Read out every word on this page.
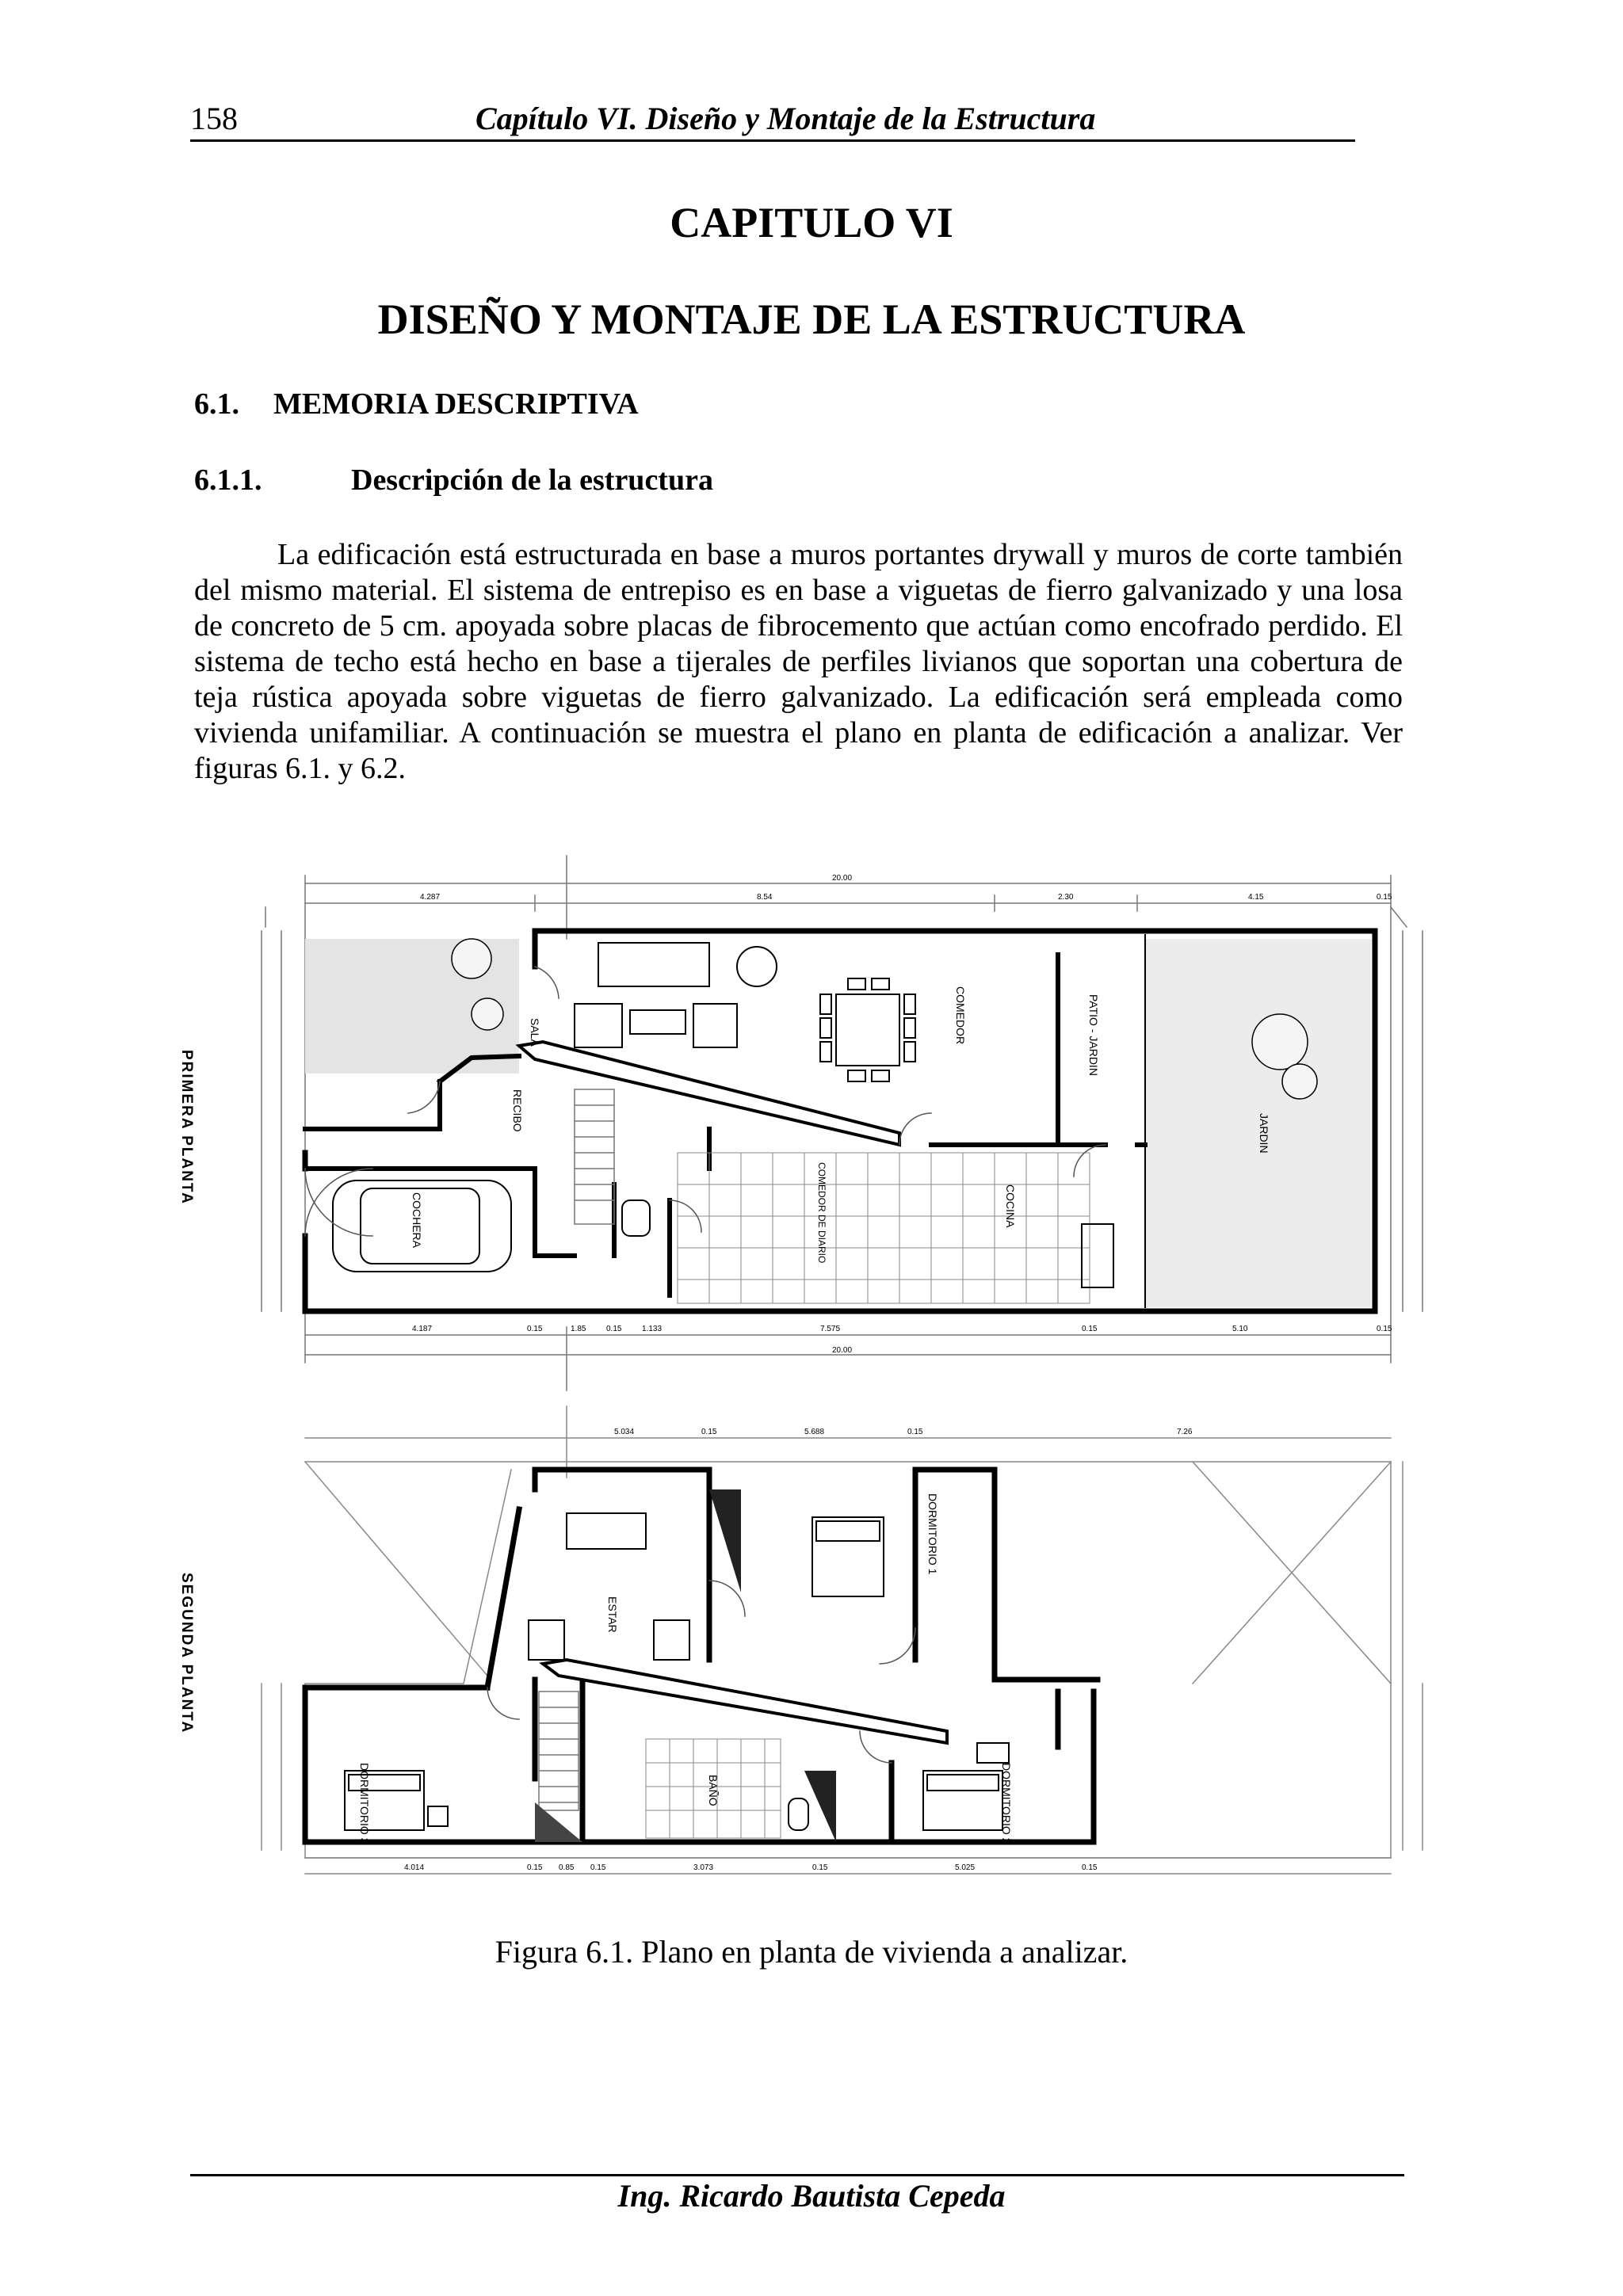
158	Capítulo VI. Diseño y Montaje de la Estructura
CAPITULO VI
DISEÑO Y MONTAJE DE LA ESTRUCTURA
6.1. MEMORIA DESCRIPTIVA
6.1.1.	Descripción de la estructura
La edificación está estructurada en base a muros portantes drywall y muros de corte también del mismo material. El sistema de entrepiso es en base a viguetas de fierro galvanizado y una losa de concreto de 5 cm. apoyada sobre placas de fibrocemento que actúan como encofrado perdido. El sistema de techo está hecho en base a tijerales de perfiles livianos que soportan una cobertura de teja rústica apoyada sobre viguetas de fierro galvanizado. La edificación será empleada como vivienda unifamiliar. A continuación se muestra el plano en planta de edificación a analizar. Ver figuras 6.1. y 6.2.
SALA	COMEDOR	PATIO - JARDIN
RECIBO
JARDIN
COCHERA	COMEDOR DE DIARIO	COCINA
PRIMERA PLANTA
4.287	8.54	2.30	4.15	0.15
20.00
4.187	0.15	1.85	0.15	1.133	7.575	0.15	5.10	0.15
20.00
ESTAR
DORMITORIO 1
DORMITORIO 2
DORMITORIO 3	BAÑO
SEGUNDA PLANTA
5.034	0.15	5.688	0.15	7.26
4.014	0.15 0.85 0.15	3.073	0.15	5.025	0.15
Figura 6.1. Plano en planta de vivienda a analizar.
Ing. Ricardo Bautista Cepeda
